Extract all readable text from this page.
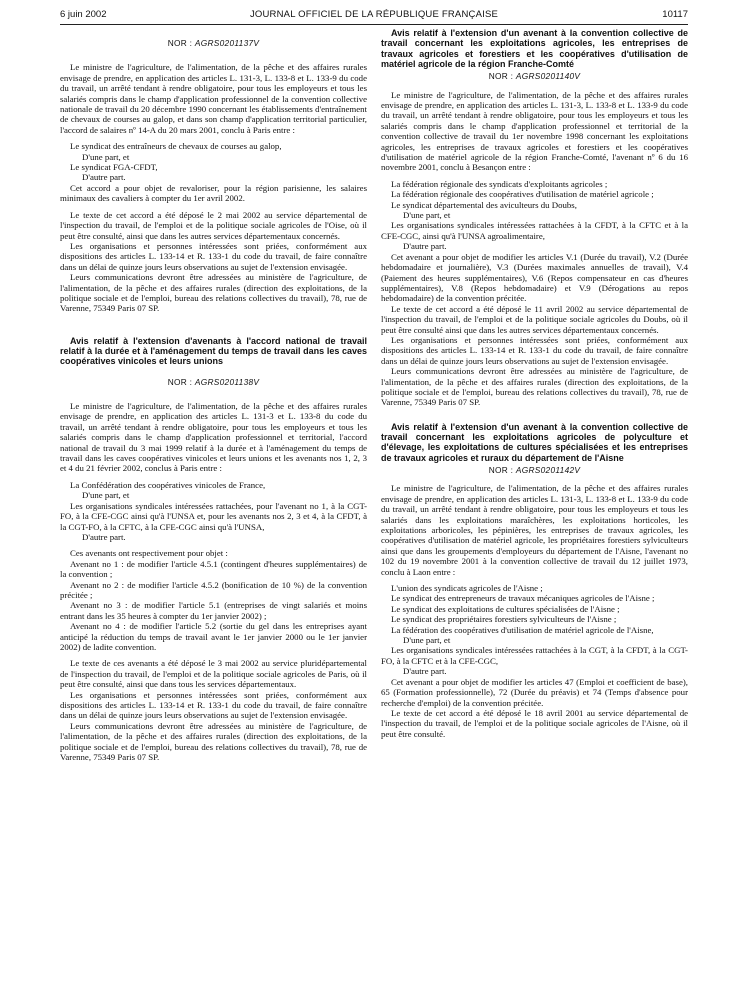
6 juin 2002	JOURNAL OFFICIEL DE LA RÉPUBLIQUE FRANÇAISE	10117
NOR : AGRS0201137V

Le ministre de l'agriculture, de l'alimentation, de la pêche et des affaires rurales envisage de prendre, en application des articles L. 131-3, L. 133-8 et L. 133-9 du code du travail, un arrêté tendant à rendre obligatoire, pour tous les employeurs et tous les salariés compris dans le champ d'application professionnel de la convention collective nationale de travail du 20 décembre 1990 concernant les établissements d'entraînement de chevaux de courses au galop, et dans son champ d'application territorial particulier, l'accord de salaires nº 14-A du 20 mars 2001, conclu à Paris entre :

Le syndicat des entraîneurs de chevaux de courses au galop,

D'une part, et

Le syndicat FGA-CFDT,

D'autre part.

Cet accord a pour objet de revaloriser, pour la région parisienne, les salaires minimaux des cavaliers à compter du 1er avril 2002.

Le texte de cet accord a été déposé le 2 mai 2002 au service départemental de l'inspection du travail, de l'emploi et de la politique sociale agricoles de l'Oise, où il peut être consulté, ainsi que dans les autres services départementaux concernés.

Les organisations et personnes intéressées sont priées, conformément aux dispositions des articles L. 133-14 et R. 133-1 du code du travail, de faire connaître dans un délai de quinze jours leurs observations au sujet de l'extension envisagée.

Leurs communications devront être adressées au ministère de l'agriculture, de l'alimentation, de la pêche et des affaires rurales (direction des exploitations, de la politique sociale et de l'emploi, bureau des relations collectives du travail), 78, rue de Varenne, 75349 Paris 07 SP.

Avis relatif à l'extension d'avenants à l'accord national de travail relatif à la durée et à l'aménagement du temps de travail dans les caves coopératives vinicoles et leurs unions

NOR : AGRS0201138V

Le ministre de l'agriculture, de l'alimentation, de la pêche et des affaires rurales envisage de prendre, en application des articles L. 131-3 et L. 133-8 du code du travail, un arrêté tendant à rendre obligatoire, pour tous les employeurs et tous les salariés compris dans le champ d'application professionnel et territorial, l'accord national de travail du 3 mai 1999 relatif à la durée et à l'aménagement du temps de travail dans les caves coopératives vinicoles et leurs unions et les avenants nos 1, 2, 3 et 4 du 21 février 2002, conclus à Paris entre :

La Confédération des coopératives vinicoles de France,

D'une part, et

Les organisations syndicales intéressées rattachées, pour l'avenant no 1, à la CGT-FO, à la CFE-CGC ainsi qu'à l'UNSA et, pour les avenants nos 2, 3 et 4, à la CFDT, à la CGT-FO, à la CFTC, à la CFE-CGC ainsi qu'à l'UNSA,

D'autre part.

Ces avenants ont respectivement pour objet :

Avenant no 1 : de modifier l'article 4.5.1 (contingent d'heures supplémentaires) de la convention ;

Avenant no 2 : de modifier l'article 4.5.2 (bonification de 10 %) de la convention précitée ;

Avenant no 3 : de modifier l'article 5.1 (entreprises de vingt salariés et moins entrant dans les 35 heures à compter du 1er janvier 2002) ;

Avenant no 4 : de modifier l'article 5.2 (sortie du gel dans les entreprises ayant anticipé la réduction du temps de travail avant le 1er janvier 2000 ou le 1er janvier 2002) de ladite convention.

Le texte de ces avenants a été déposé le 3 mai 2002 au service pluridépartemental de l'inspection du travail, de l'emploi et de la politique sociale agricoles de Paris, où il peut être consulté, ainsi que dans tous les services départementaux.

Les organisations et personnes intéressées sont priées, conformément aux dispositions des articles L. 133-14 et R. 133-1 du code du travail, de faire connaître dans un délai de quinze jours leurs observations au sujet de l'extension envisagée.

Leurs communications devront être adressées au ministère de l'agriculture, de l'alimentation, de la pêche et des affaires rurales (direction des exploitations, de la politique sociale et de l'emploi, bureau des relations collectives du travail), 78, rue de Varenne, 75349 Paris 07 SP.

Avis relatif à l'extension d'un avenant à la convention collective de travail concernant les exploitations agricoles, les entreprises de travaux agricoles et forestiers et les coopératives d'utilisation de matériel agricole de la région Franche-Comté

NOR : AGRS0201140V

Le ministre de l'agriculture, de l'alimentation, de la pêche et des affaires rurales envisage de prendre, en application des articles L. 131-3, L. 133-8 et L. 133-9 du code du travail, un arrêté tendant à rendre obligatoire, pour tous les employeurs et tous les salariés compris dans le champ d'application professionnel et territorial de la convention collective de travail du 1er novembre 1998 concernant les exploitations agricoles, les entreprises de travaux agricoles et forestiers et les coopératives d'utilisation de matériel agricole de la région Franche-Comté, l'avenant nº 6 du 16 novembre 2001, conclu à Besançon entre :

La fédération régionale des syndicats d'exploitants agricoles ;

La fédération régionale des coopératives d'utilisation de matériel agricole ;

Le syndicat départemental des aviculteurs du Doubs,

D'une part, et

Les organisations syndicales intéressées rattachées à la CFDT, à la CFTC et à la CFE-CGC, ainsi qu'à l'UNSA agroalimentaire,

D'autre part.

Cet avenant a pour objet de modifier les articles V.1 (Durée du travail), V.2 (Durée hebdomadaire et journalière), V.3 (Durées maximales annuelles de travail), V.4 (Paiement des heures supplémentaires), V.6 (Repos compensateur en cas d'heures supplémentaires), V.8 (Repos hebdomadaire) et V.9 (Dérogations au repos hebdomadaire) de la convention précitée.

Le texte de cet accord a été déposé le 11 avril 2002 au service départemental de l'inspection du travail, de l'emploi et de la politique sociale agricoles du Doubs, où il peut être consulté ainsi que dans les autres services départementaux concernés.

Les organisations et personnes intéressées sont priées, conformément aux dispositions des articles L. 133-14 et R. 133-1 du code du travail, de faire connaître dans un délai de quinze jours leurs observations au sujet de l'extension envisagée.

Leurs communications devront être adressées au ministère de l'agriculture, de l'alimentation, de la pêche et des affaires rurales (direction des exploitations, de la politique sociale et de l'emploi, bureau des relations collectives du travail), 78, rue de Varenne, 75349 Paris 07 SP.

Avis relatif à l'extension d'un avenant à la convention collective de travail concernant les exploitations agricoles de polyculture et d'élevage, les exploitations de cultures spécialisées et les entreprises de travaux agricoles et ruraux du département de l'Aisne

NOR : AGRS0201142V

Le ministre de l'agriculture, de l'alimentation, de la pêche et des affaires rurales envisage de prendre, en application des articles L. 131-3, L. 133-8 et L. 133-9 du code du travail, un arrêté tendant à rendre obligatoire, pour tous les employeurs et tous les salariés dans les exploitations maraîchères, les exploitations horticoles, les exploitations arboricoles, les pépinières, les entreprises de travaux agricoles, les coopératives d'utilisation de matériel agricole, les propriétaires forestiers sylviculteurs ainsi que dans les groupements d'employeurs du département de l'Aisne, l'avenant no 102 du 19 novembre 2001 à la convention collective de travail du 12 juillet 1973, conclu à Laon entre :

L'union des syndicats agricoles de l'Aisne ;

Le syndicat des entrepreneurs de travaux mécaniques agricoles de l'Aisne ;

Le syndicat des exploitations de cultures spécialisées de l'Aisne ;

Le syndicat des propriétaires forestiers sylviculteurs de l'Aisne ;

La fédération des coopératives d'utilisation de matériel agricole de l'Aisne,

D'une part, et

Les organisations syndicales intéressées rattachées à la CGT, à la CFDT, à la CGT-FO, à la CFTC et à la CFE-CGC,

D'autre part.

Cet avenant a pour objet de modifier les articles 47 (Emploi et coefficient de base), 65 (Formation professionnelle), 72 (Durée du préavis) et 74 (Temps d'absence pour recherche d'emploi) de la convention précitée.

Le texte de cet accord a été déposé le 18 avril 2001 au service départemental de l'inspection du travail, de l'emploi et de la politique sociale agricoles de l'Aisne, où il peut être consulté.
